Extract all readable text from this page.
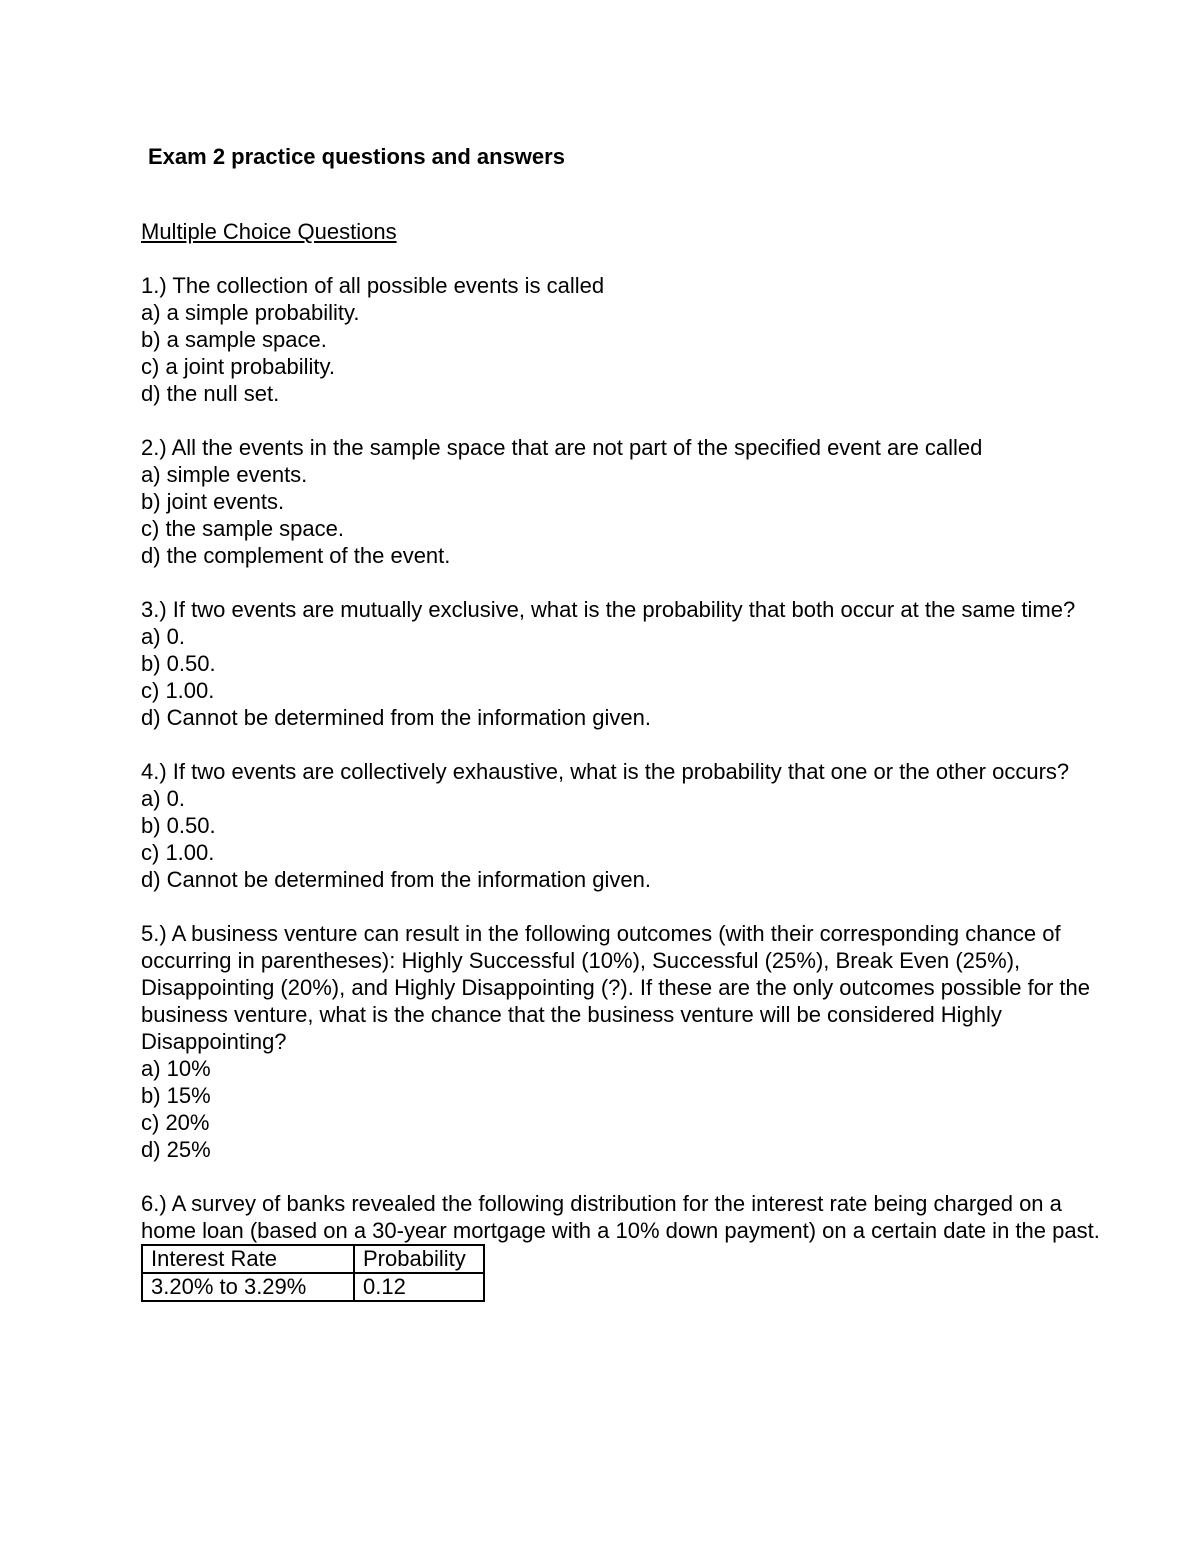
Exam 2 practice questions and answers
Multiple Choice Questions
1.) The collection of all possible events is called
a) a simple probability.
b) a sample space.
c) a joint probability.
d) the null set.
2.) All the events in the sample space that are not part of the specified event are called
a) simple events.
b) joint events.
c) the sample space.
d) the complement of the event.
3.) If two events are mutually exclusive, what is the probability that both occur at the same time?
a) 0.
b) 0.50.
c) 1.00.
d) Cannot be determined from the information given.
4.) If two events are collectively exhaustive, what is the probability that one or the other occurs?
a) 0.
b) 0.50.
c) 1.00.
d) Cannot be determined from the information given.
5.) A business venture can result in the following outcomes (with their corresponding chance of occurring in parentheses): Highly Successful (10%), Successful (25%), Break Even (25%), Disappointing (20%), and Highly Disappointing (?). If these are the only outcomes possible for the business venture, what is the chance that the business venture will be considered Highly Disappointing?
a) 10%
b) 15%
c) 20%
d) 25%
6.) A survey of banks revealed the following distribution for the interest rate being charged on a home loan (based on a 30-year mortgage with a 10% down payment) on a certain date in the past.
Interest Rate	Probability
3.20% to 3.29%	0.12
